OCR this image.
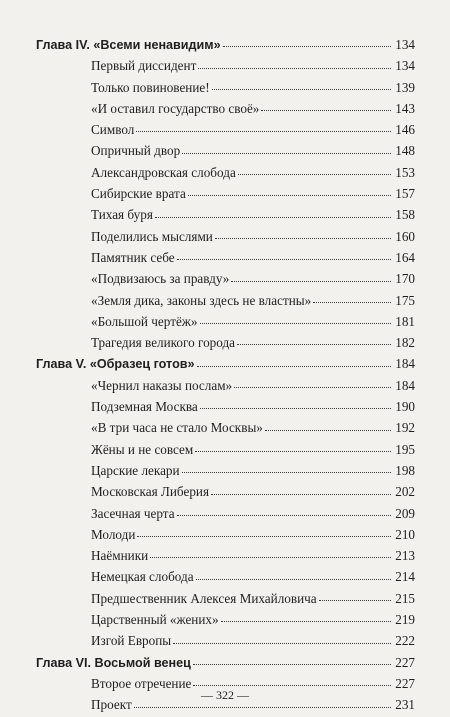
Глава IV. «Всеми ненавидим»	134
Первый диссидент	134
Только повиновение!	139
«И оставил государство своё»	143
Символ	146
Опричный двор	148
Александровская слобода	153
Сибирские врата	157
Тихая буря	158
Поделились мыслями	160
Памятник себе	164
«Подвизаюсь за правду»	170
«Земля дика, законы здесь не властны»	175
«Большой чертёж»	181
Трагедия великого города	182
Глава V. «Образец готов»	184
«Чернил наказы послам»	184
Подземная Москва	190
«В три часа не стало Москвы»	192
Жёны и не совсем	195
Царские лекари	198
Московская Либерия	202
Засечная черта	209
Молоди	210
Наёмники	213
Немецкая слобода	214
Предшественник Алексея Михайловича	215
Царственный «жених»	219
Изгой Европы	222
Глава VI. Восьмой венец	227
Второе отречение	227
Проект	231
— 322 —
